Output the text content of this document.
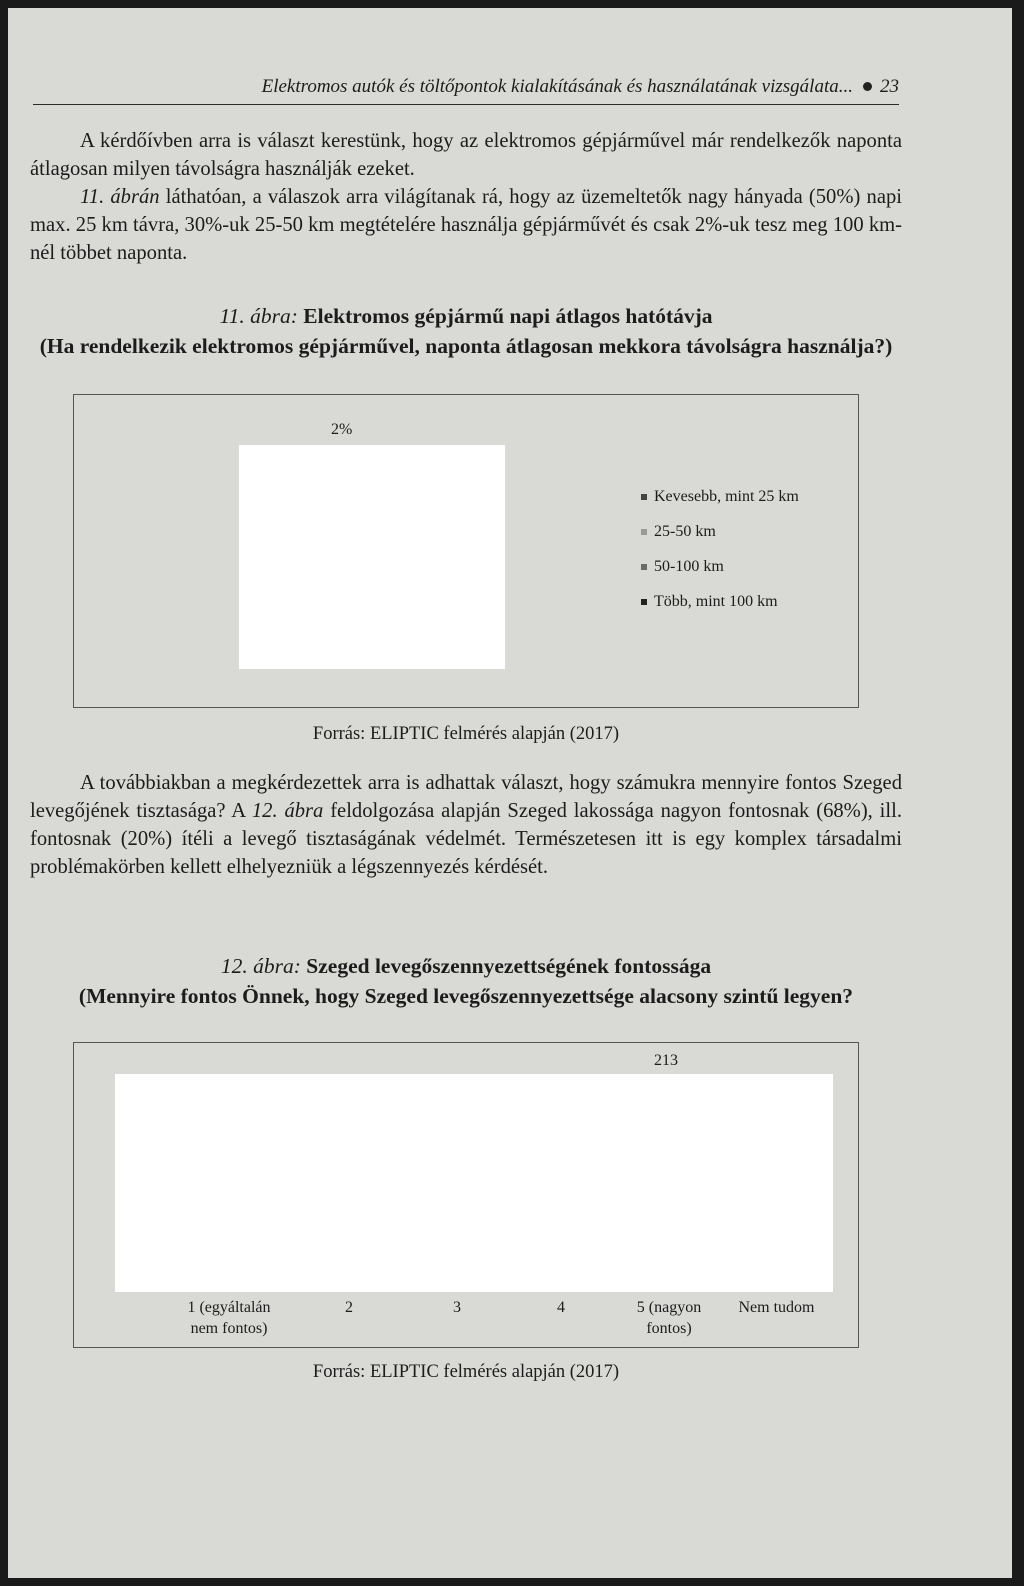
Elektromos autók és töltőpontok kialakításának és használatának vizsgálata... 23

A kérdőívben arra is választ kerestünk, hogy az elektromos gépjárművel már rendelkezők naponta átlagosan milyen távolságra használják ezeket.

11. ábrán láthatóan, a válaszok arra világítanak rá, hogy az üzemeltetők nagy hányada (50%) napi max. 25 km távra, 30%-uk 25-50 km megtételére használja gépjárművét és csak 2%-uk tesz meg 100 km-nél többet naponta.

11. ábra: Elektromos gépjármű napi átlagos hatótávja
(Ha rendelkezik elektromos gépjárművel, naponta átlagosan mekkora távolságra használja?)
2%
Kevesebb, mint 25 km
25-50 km
50-100 km
Több, mint 100 km
Forrás: ELIPTIC felmérés alapján (2017)

A továbbiakban a megkérdezettek arra is adhattak választ, hogy számukra mennyire fontos Szeged levegőjének tisztasága? A 12. ábra feldolgozása alapján Szeged lakossága nagyon fontosnak (68%), ill. fontosnak (20%) ítéli a levegő tisztaságának védelmét. Természetesen itt is egy komplex társadalmi problémakörben kellett elhelyezniük a légszennyezés kérdését.

12. ábra: Szeged levegőszennyezettségének fontossága
(Mennyire fontos Önnek, hogy Szeged levegőszennyezettsége alacsony szintű legyen?
213
1 (egyáltalán
nem fontos)
2	3	4	5 (nagyon
fontos)
Nem tudom
Forrás: ELIPTIC felmérés alapján (2017)
